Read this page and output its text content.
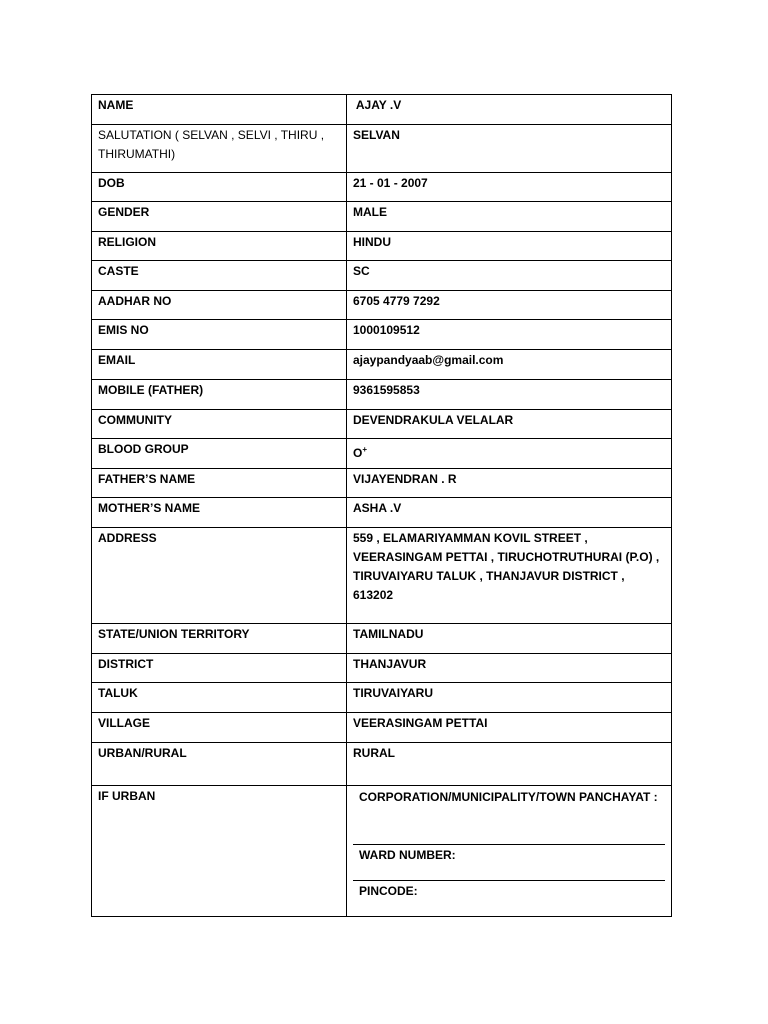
NAME	AJAY .V
SALUTATION ( SELVAN , SELVI , THIRU , THIRUMATHI)	SELVAN
DOB	21 - 01 - 2007
GENDER	MALE
RELIGION	HINDU
CASTE	SC
AADHAR NO	6705 4779 7292
EMIS NO	1000109512
EMAIL	ajaypandyaab@gmail.com
MOBILE (FATHER)	9361595853
COMMUNITY	DEVENDRAKULA VELALAR
BLOOD GROUP	O+
FATHER’S NAME	VIJAYENDRAN . R
MOTHER’S NAME	ASHA .V
ADDRESS	559 , ELAMARIYAMMAN KOVIL STREET , VEERASINGAM PETTAI , TIRUCHOTRUTHURAI (P.O) , TIRUVAIYARU TALUK , THANJAVUR DISTRICT , 613202
STATE/UNION TERRITORY	TAMILNADU
DISTRICT	THANJAVUR
TALUK	TIRUVAIYARU
VILLAGE	VEERASINGAM PETTAI
URBAN/RURAL	RURAL
IF URBAN	CORPORATION/MUNICIPALITY/TOWN PANCHAYAT :
WARD NUMBER:
PINCODE:
